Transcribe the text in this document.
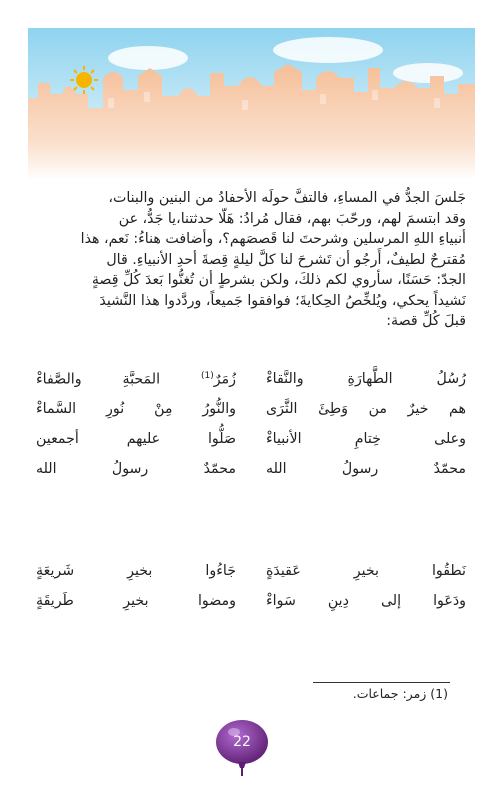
جَلسَ الجدُّ في المساءِ، فالتفَّ حولَه الأحفادُ من البنين والبنات،

وقد ابتسمَ لهم، ورحّبَ بهم، فقال مُرادُ: هَلّا حدثتنا،يا جَدُّ، عن

أنبياءِ اللهِ المرسلين وشرحتَ لنا قَصصَهم؟، وأضافت هناءُ: نَعم، هذا

مُقترحٌ لطيفٌ، أَرجُو أن تَشرحَ لنا كلَّ ليلةٍ قِصةَ أحدِ الأنبياءِ. قال

الجدّ: حَسَنًا، سأروي لكم ذلكَ، ولكن بشرطٍ أن تُغنُّوا بَعدَ كُلِّ قِصةٍ

نَشيداً يحكي، ويُلخِّصُ الحِكايةَ؛ فوافقوا جَميعاً، وردَّدوا هذا النَّشيدَ

قبلَ كُلِّ قصة:

رُسُلُ الطَّهارَةِ والنَّقاءْ
زُمَرٌ$^{(1)}$ المَحبَّةِ والصَّفاءْ
هم خيرٌ من وَطِئَ الثَّرَى
والنُّورُ مِنْ نُورِ السَّماءْ
وعلى خِتامِ الأنبياءْ
صَلُّوا عليهم أجمعين
محمّدٌ رسولُ الله
محمّدٌ رسولُ الله
نَطقُوا بخيرِ عَقيدَةٍ
جَاءُوا بخيرِ شَريعَةٍ
ودَعَوا إلى دِينِ سَواءْ
ومضوا بخيرِ طَريقَةٍ
(1) زمر: جماعات.
22
